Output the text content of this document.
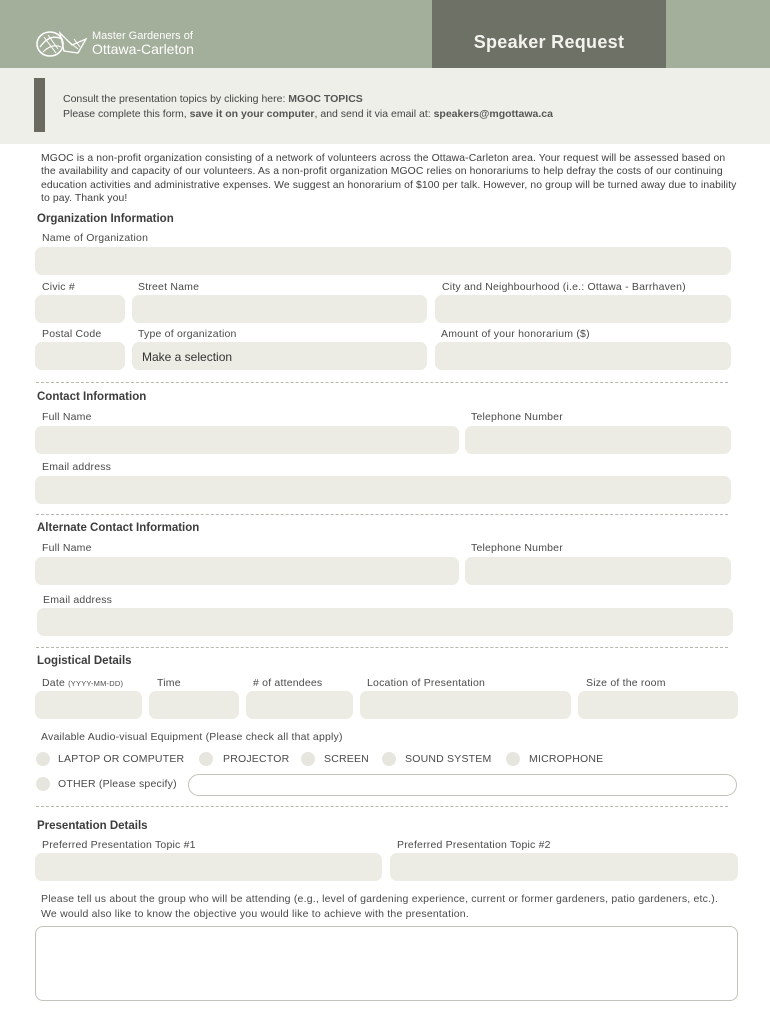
Speaker Request
Master Gardeners of
Ottawa-Carleton
Consult the presentation topics by clicking here: MGOC TOPICS
Please complete this form, save it on your computer, and send it via email at: speakers@mgottawa.ca
MGOC is a non-profit organization consisting of a network of volunteers across the Ottawa-Carleton area. Your request will be assessed based on the availability and capacity of our volunteers. As a non-profit organization MGOC relies on honorariums to help defray the costs of our continuing education activities and administrative expenses. We suggest an honorarium of $100 per talk. However, no group will be turned away due to inability to pay. Thank you!
Organization Information
Name of Organization
Civic #	Street Name	City and Neighbourhood (i.e.: Ottawa - Barrhaven)
Postal Code	Type of organization	Amount of your honorarium ($)
Make a selection
Contact Information
Full Name	Telephone Number
Email address
Alternate Contact Information
Full Name	Telephone Number
Email address
Logistical Details
Date (YYYY-MM-DD)	Time	# of attendees	Location of Presentation	Size of the room
Available Audio-visual Equipment (Please check all that apply)
LAPTOP OR COMPUTER	PROJECTOR	SCREEN	SOUND SYSTEM	MICROPHONE
OTHER (Please specify)
Presentation Details
Preferred Presentation Topic #1	Preferred Presentation Topic #2
Please tell us about the group who will be attending (e.g., level of gardening experience, current or former gardeners, patio gardeners, etc.). We would also like to know the objective you would like to achieve with the presentation.
